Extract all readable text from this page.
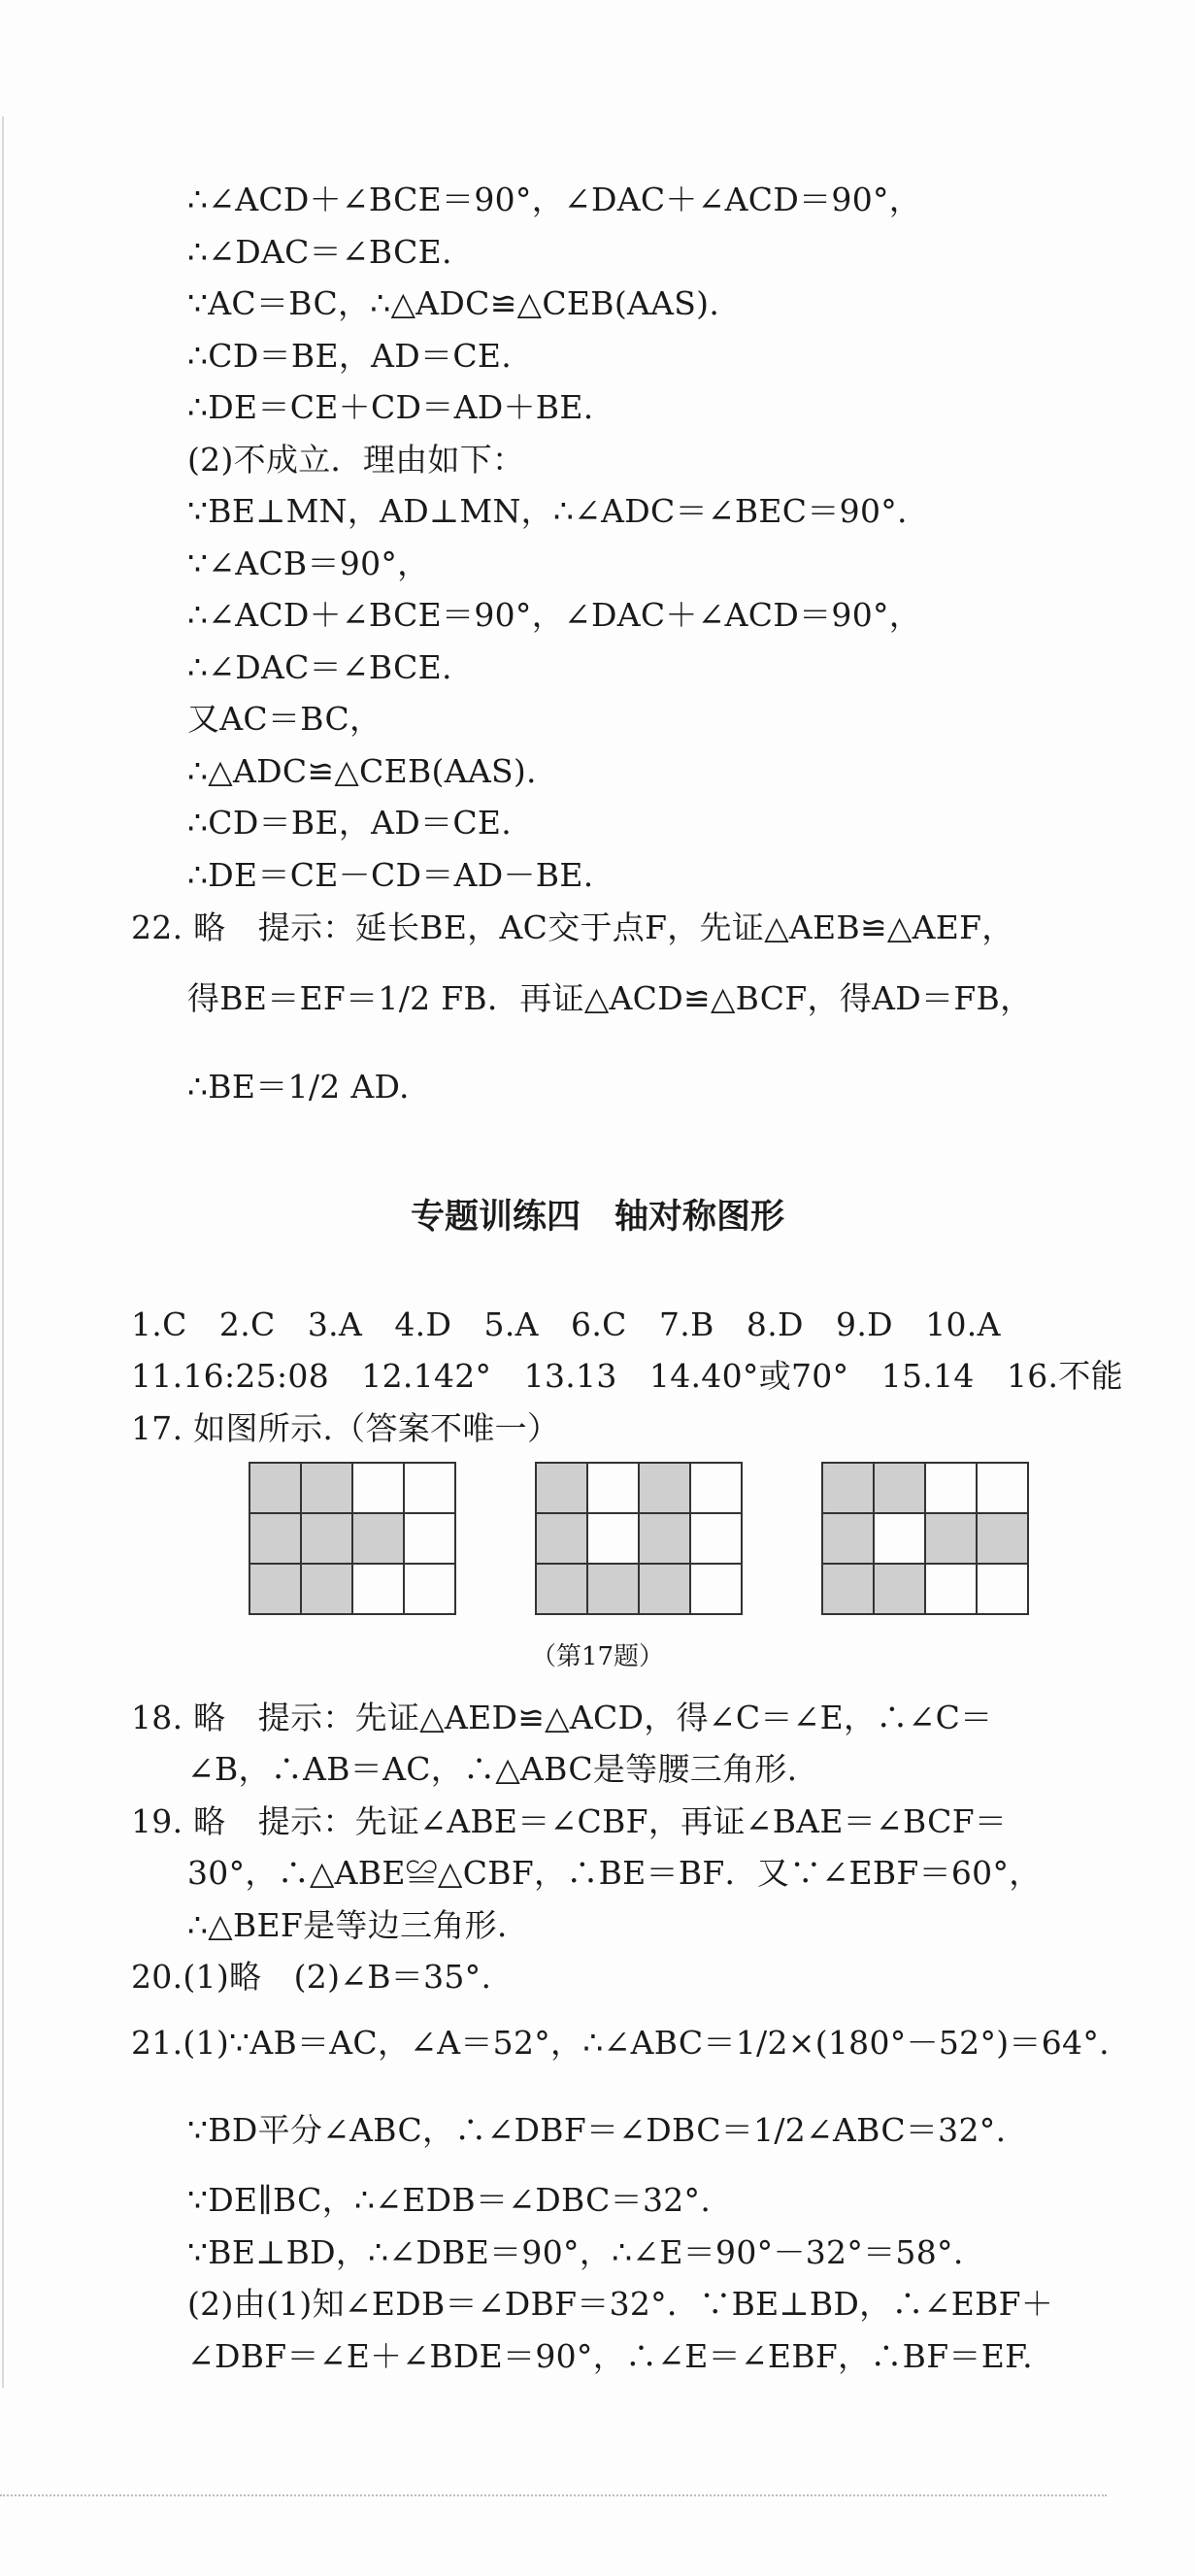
∴∠ACD＋∠BCE＝90°，∠DAC＋∠ACD＝90°，
∴∠DAC＝∠BCE.
∵AC＝BC，∴△ADC≌△CEB(AAS).
∴CD＝BE，AD＝CE.
∴DE＝CE＋CD＝AD＋BE.
(2)不成立．理由如下：
∵BE⊥MN，AD⊥MN，∴∠ADC＝∠BEC＝90°.
∵∠ACB＝90°，
∴∠ACD＋∠BCE＝90°，∠DAC＋∠ACD＝90°，
∴∠DAC＝∠BCE.
又AC＝BC，
∴△ADC≌△CEB(AAS).
∴CD＝BE，AD＝CE.
∴DE＝CE－CD＝AD－BE.
22. 略　提示：延长BE，AC交于点F，先证△AEB≌△AEF，
得BE＝EF＝1/2 FB．再证△ACD≌△BCF，得AD＝FB，
∴BE＝1/2 AD.
专题训练四　轴对称图形
1.C　2.C　3.A　4.D　5.A　6.C　7.B　8.D　9.D　10.A
11.16:25:08　12.142°　13.13　14.40°或70°　15.14　16.不能
17. 如图所示.（答案不唯一）

（第17题）
18. 略　提示：先证△AED≌△ACD，得∠C＝∠E，∴∠C＝
∠B，∴AB＝AC，∴△ABC是等腰三角形.
19. 略　提示：先证∠ABE＝∠CBF，再证∠BAE＝∠BCF＝
30°，∴△ABE≌△CBF，∴BE＝BF．又∵∠EBF＝60°，
∴△BEF是等边三角形.
20.(1)略　(2)∠B＝35°.
21.(1)∵AB＝AC，∠A＝52°，∴∠ABC＝1/2×(180°－52°)＝64°.
∵BD平分∠ABC，∴∠DBF＝∠DBC＝1/2∠ABC＝32°.
∵DE∥BC，∴∠EDB＝∠DBC＝32°.
∵BE⊥BD，∴∠DBE＝90°，∴∠E＝90°－32°＝58°.
(2)由(1)知∠EDB＝∠DBF＝32°．∵BE⊥BD，∴∠EBF＋
∠DBF＝∠E＋∠BDE＝90°，∴∠E＝∠EBF，∴BF＝EF.
